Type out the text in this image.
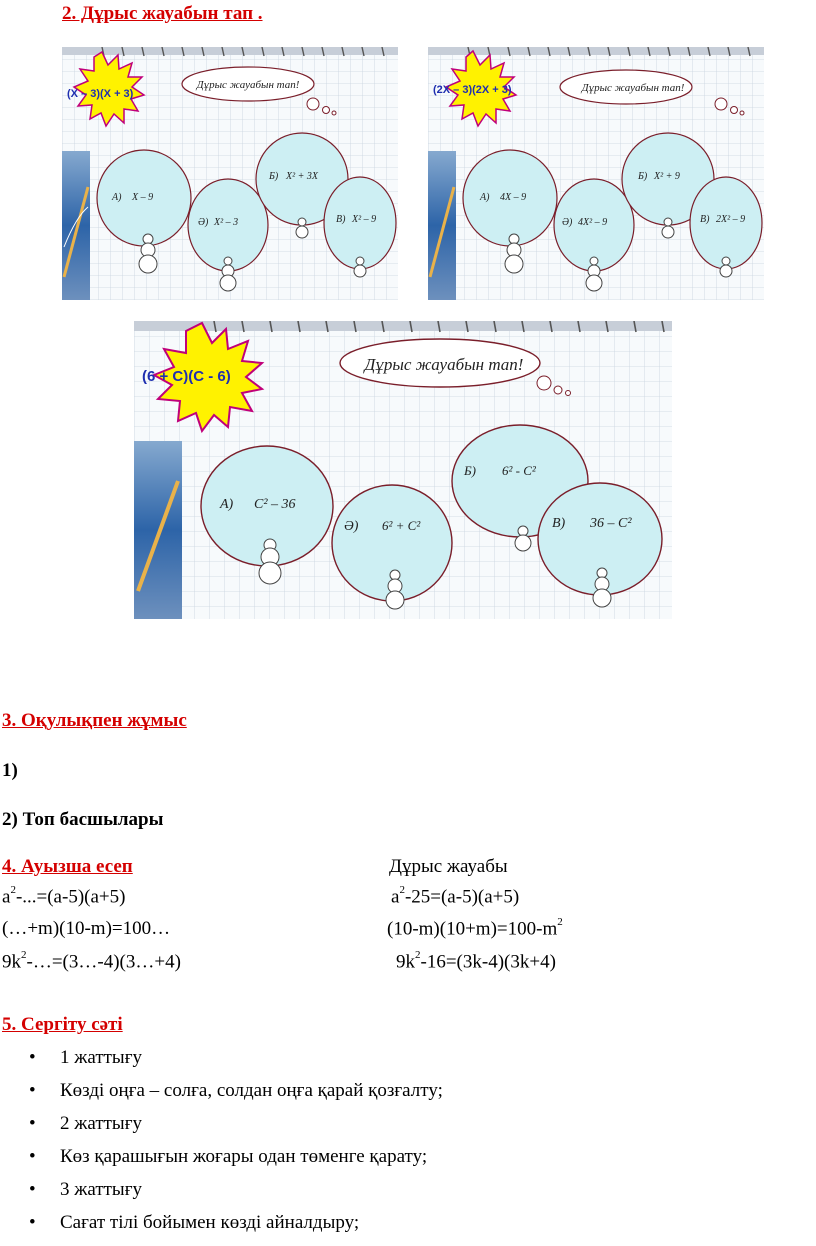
2. Дұрыс жауабын тап .
(X – 3)(X + 3)
Дұрыс жауабын тап!
А) X – 9
Ә) X² – 3
Б) X² + 3X
В) X² – 9
(2X – 3)(2X + 3)	Дұрыс жауабын тап!
А) 4X – 9
Ә) 4X² – 9
Б) X² + 9
В) 2X² – 9
(6 + C)(C - 6)
Дұрыс жауабын тап!
А) C² – 36
Ә) 6² + C²
Б) 6² - C²
В) 36 – C²
3. Оқулықпен жұмыс
1)
2) Топ басшылары
4. Ауызша есеп	Дұрыс жауабы
$a^2-...=(a-5)(a+5)$	$a^2-25=(a-5)(a+5)$
(…+m)(10-m)=100…	$(10-m)(10+m)=100-m^2$
$9k^2-\dots=(3\dots-4)(3\dots+4)$	$9k^2-16=(3k-4)(3k+4)$
5. Сергіту сәті
• 1 жаттығу
• Көзді оңға – солға, солдан оңға қарай қозғалту;
• 2 жаттығу
• Көз қарашығын жоғары одан төменге қарату;
• 3 жаттығу
• Сағат тілі бойымен көзді айналдыру;
